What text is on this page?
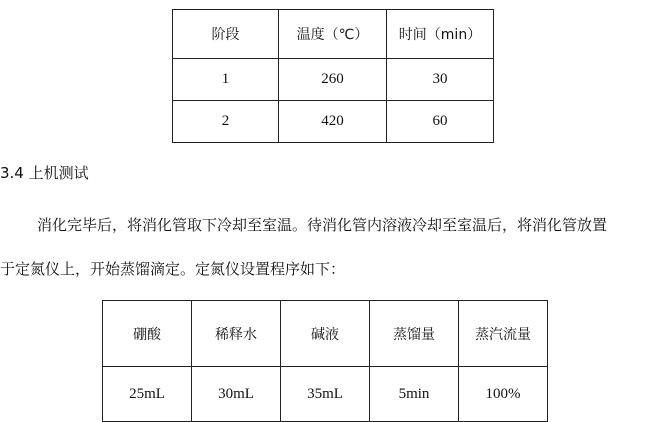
阶段	温度（℃）	时间（min）
1	260	30
2	420	60
3.4 上机测试

消化完毕后，将消化管取下冷却至室温。待消化管内溶液冷却至室温后，将消化管放置

于定氮仪上，开始蒸馏滴定。定氮仪设置程序如下：

硼酸	稀释水	碱液	蒸馏量	蒸汽流量
25mL	30mL	35mL	5min	100%
